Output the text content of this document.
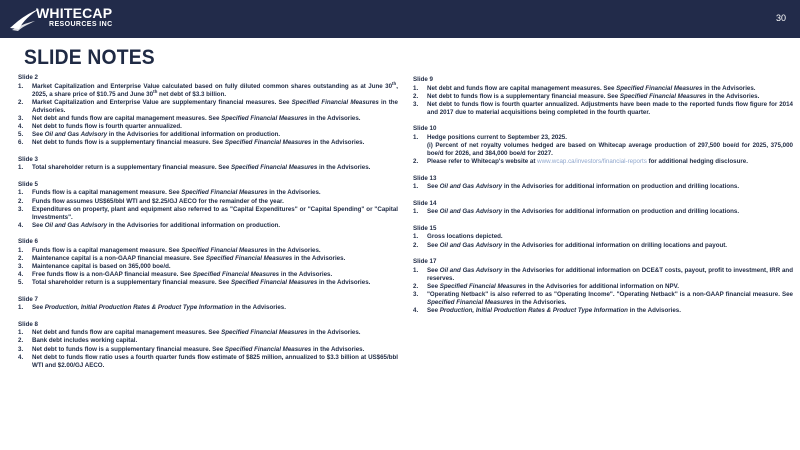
WHITECAP
RESOURCES INC
30
SLIDE NOTES
Slide 2
1. Market Capitalization and Enterprise Value calculated based on fully diluted common shares outstanding as at June 30th, 2025, a share price of $10.75 and June 30th net debt of $3.3 billion.
2. Market Capitalization and Enterprise Value are supplementary financial measures. See Specified Financial Measures in the Advisories.
3. Net debt and funds flow are capital management measures. See Specified Financial Measures in the Advisories.
4. Net debt to funds flow is fourth quarter annualized.
5. See Oil and Gas Advisory in the Advisories for additional information on production.
6. Net debt to funds flow is a supplementary financial measure. See Specified Financial Measures in the Advisories.
Slide 3
1. Total shareholder return is a supplementary financial measure. See Specified Financial Measures in the Advisories.
Slide 5
1. Funds flow is a capital management measure. See Specified Financial Measures in the Advisories.
2. Funds flow assumes US$65/bbl WTI and $2.25/GJ AECO for the remainder of the year.
3. Expenditures on property, plant and equipment also referred to as "Capital Expenditures" or "Capital Spending" or "Capital Investments".
4. See Oil and Gas Advisory in the Advisories for additional information on production.
Slide 6
1. Funds flow is a capital management measure. See Specified Financial Measures in the Advisories.
2. Maintenance capital is a non-GAAP financial measure. See Specified Financial Measures in the Advisories.
3. Maintenance capital is based on 365,000 boe/d.
4. Free funds flow is a non-GAAP financial measure. See Specified Financial Measures in the Advisories.
5. Total shareholder return is a supplementary financial measure. See Specified Financial Measures in the Advisories.
Slide 7
1. See Production, Initial Production Rates & Product Type Information in the Advisories.
Slide 8
1. Net debt and funds flow are capital management measures. See Specified Financial Measures in the Advisories.
2. Bank debt includes working capital.
3. Net debt to funds flow is a supplementary financial measure. See Specified Financial Measures in the Advisories.
4. Net debt to funds flow ratio uses a fourth quarter funds flow estimate of $825 million, annualized to $3.3 billion at US$65/bbl WTI and $2.00/GJ AECO.
Slide 9
1. Net debt and funds flow are capital management measures. See Specified Financial Measures in the Advisories.
2. Net debt to funds flow is a supplementary financial measure. See Specified Financial Measures in the Advisories.
3. Net debt to funds flow is fourth quarter annualized. Adjustments have been made to the reported funds flow figure for 2014 and 2017 due to material acquisitions being completed in the fourth quarter.
Slide 10
1. Hedge positions current to September 23, 2025.
(i) Percent of net royalty volumes hedged are based on Whitecap average production of 297,500 boe/d for 2025, 375,000 boe/d for 2026, and 384,000 boe/d for 2027.
2. Please refer to Whitecap's website at www.wcap.ca/investors/financial-reports for additional hedging disclosure.
Slide 13
1. See Oil and Gas Advisory in the Advisories for additional information on production and drilling locations.
Slide 14
1. See Oil and Gas Advisory in the Advisories for additional information on production and drilling locations.
Slide 15
1. Gross locations depicted.
2. See Oil and Gas Advisory in the Advisories for additional information on drilling locations and payout.
Slide 17
1. See Oil and Gas Advisory in the Advisories for additional information on DCE&T costs, payout, profit to investment, IRR and reserves.
2. See Specified Financial Measures in the Advisories for additional information on NPV.
3. "Operating Netback" is also referred to as "Operating Income". "Operating Netback" is a non-GAAP financial measure. See Specified Financial Measures in the Advisories.
4. See Production, Initial Production Rates & Product Type Information in the Advisories.
